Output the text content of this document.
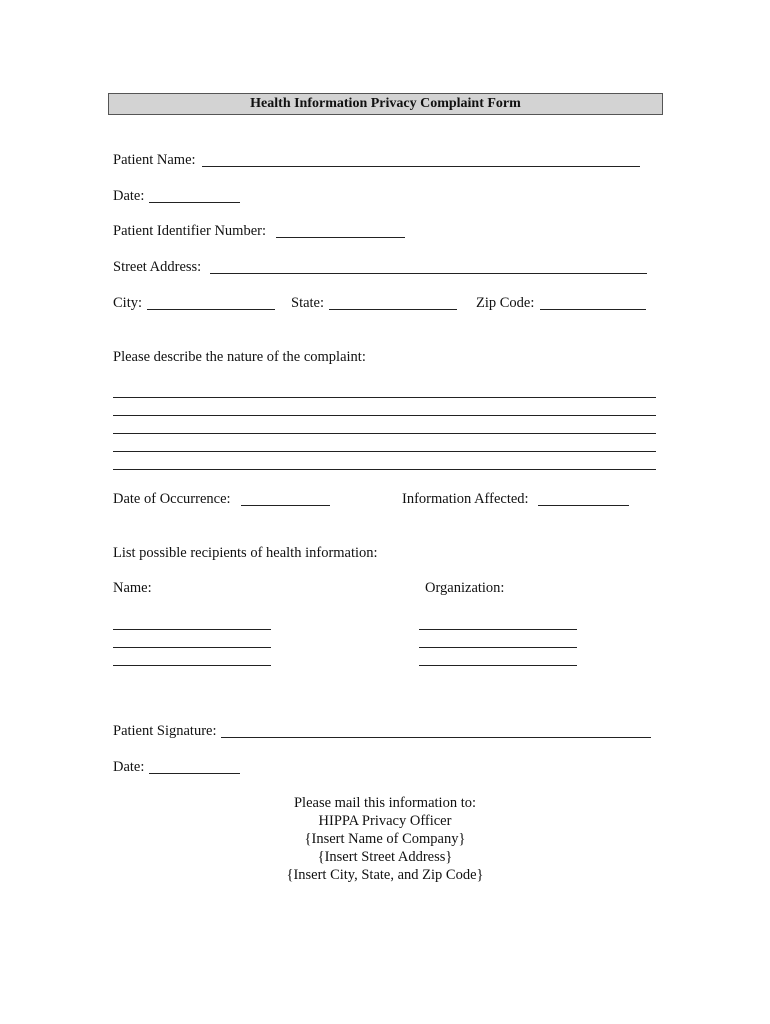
Health Information Privacy Complaint Form
Patient Name:
Date:
Patient Identifier Number:
Street Address:
City:	State:	Zip Code:
Please describe the nature of the complaint:
Date of Occurrence:	Information Affected:
List possible recipients of health information:
Name:	Organization:
Patient Signature:
Date:
Please mail this information to:
HIPPA Privacy Officer
{Insert Name of Company}
{Insert Street Address}
{Insert City, State, and Zip Code}
